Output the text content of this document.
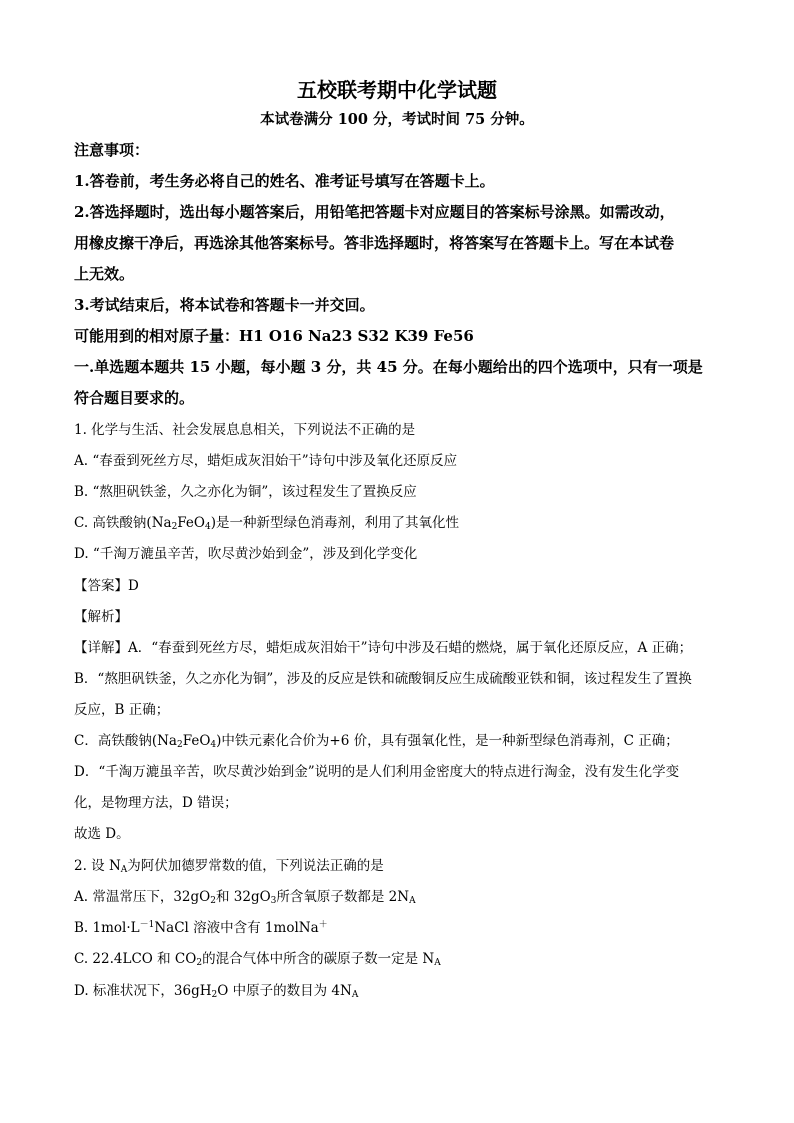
五校联考期中化学试题
本试卷满分 100 分，考试时间 75 分钟。
注意事项：
1.答卷前，考生务必将自己的姓名、准考证号填写在答题卡上。
2.答选择题时，选出每小题答案后，用铅笔把答题卡对应题目的答案标号涂黑。如需改动，
用橡皮擦干净后，再选涂其他答案标号。答非选择题时，将答案写在答题卡上。写在本试卷
上无效。
3.考试结束后，将本试卷和答题卡一并交回。
可能用到的相对原子量：H1 O16 Na23 S32 K39 Fe56
一.单选题本题共 15 小题，每小题 3 分，共 45 分。在每小题给出的四个选项中，只有一项是
符合题目要求的。
1. 化学与生活、社会发展息息相关，下列说法不正确的是
A. “春蚕到死丝方尽，蜡炬成灰泪始干”诗句中涉及氧化还原反应
B. “熬胆矾铁釜，久之亦化为铜”，该过程发生了置换反应
C. 高铁酸钠$(Na_2FeO_4)$是一种新型绿色消毒剂，利用了其氧化性
D. “千淘万漉虽辛苦，吹尽黄沙始到金”，涉及到化学变化
【答案】D
【解析】
【详解】A．“春蚕到死丝方尽，蜡炬成灰泪始干”诗句中涉及石蜡的燃烧，属于氧化还原反应，A 正确；
B．“熬胆矾铁釜，久之亦化为铜”，涉及的反应是铁和硫酸铜反应生成硫酸亚铁和铜，该过程发生了置换
反应，B 正确；
C．高铁酸钠$(Na_2FeO_4)$中铁元素化合价为+6 价，具有强氧化性，是一种新型绿色消毒剂，C 正确；
D．“千淘万漉虽辛苦，吹尽黄沙始到金”说明的是人们利用金密度大的特点进行淘金，没有发生化学变
化，是物理方法，D 错误；
故选 D。
2. 设 $N_A$为阿伏加德罗常数的值，下列说法正确的是
A. 常温常压下，$32gO_2$和 $32gO_3$所含氧原子数都是 $2N_A$
B. $1mol\cdot L^{-1}NaCl$ 溶液中含有 1molNa＋
C. 22.4LCO 和 $CO_2$的混合气体中所含的碳原子数一定是 $N_A$
D. 标准状况下，$36gH_2O$ 中原子的数目为 $4N_A$
